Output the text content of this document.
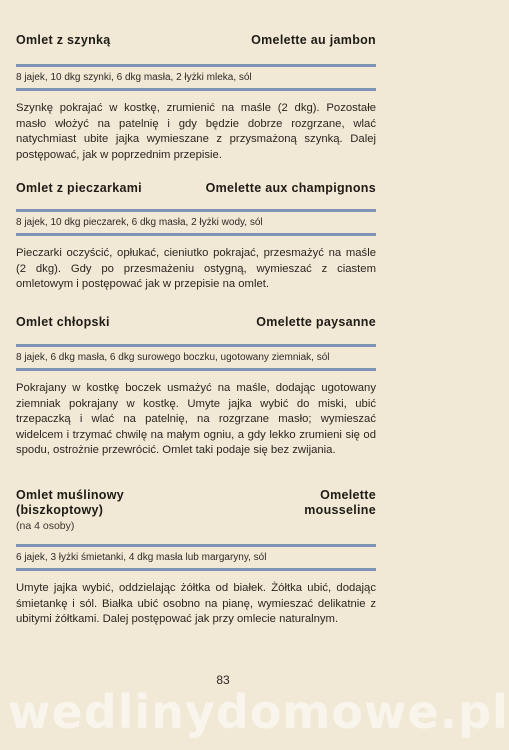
Omlet z szynką	Omelette au jambon
8 jajek, 10 dkg szynki, 6 dkg masła, 2 łyżki mleka, sól

Szynkę pokrajać w kostkę, zrumienić na maśle (2 dkg). Pozostałe masło włożyć na patelnię i gdy będzie dobrze rozgrzane, wlać natychmiast ubite jajka wymieszane z przysmażoną szynką. Dalej postępować, jak w poprzednim przepisie.

Omlet z pieczarkami	Omelette aux champignons
8 jajek, 10 dkg pieczarek, 6 dkg masła, 2 łyżki wody, sól

Pieczarki oczyścić, opłukać, cieniutko pokrajać, przesmażyć na maśle (2 dkg). Gdy po przesmażeniu ostygną, wymieszać z ciastem omletowym i postępować jak w przepisie na omlet.

Omlet chłopski	Omelette paysanne
8 jajek, 6 dkg masła, 6 dkg surowego boczku, ugotowany ziemniak, sól

Pokrajany w kostkę boczek usmażyć na maśle, dodając ugotowany ziemniak pokrajany w kostkę. Umyte jajka wybić do miski, ubić trzepaczką i wlać na patelnię, na rozgrzane masło; wymieszać widelcem i trzymać chwilę na małym ogniu, a gdy lekko zrumieni się od spodu, ostrożnie przewrócić. Omlet taki podaje się bez zwijania.

Omlet muślinowy (biszkoptowy)
Omelette mousseline
(na 4 osoby)
6 jajek, 3 łyżki śmietanki, 4 dkg masła lub margaryny, sól

Umyte jajka wybić, oddzielając żółtka od białek. Żółtka ubić, dodając śmietankę i sól. Białka ubić osobno na pianę, wymieszać delikatnie z ubitymi żółtkami. Dalej postępować jak przy omlecie naturalnym.

83
wedlinydomowe.pl
